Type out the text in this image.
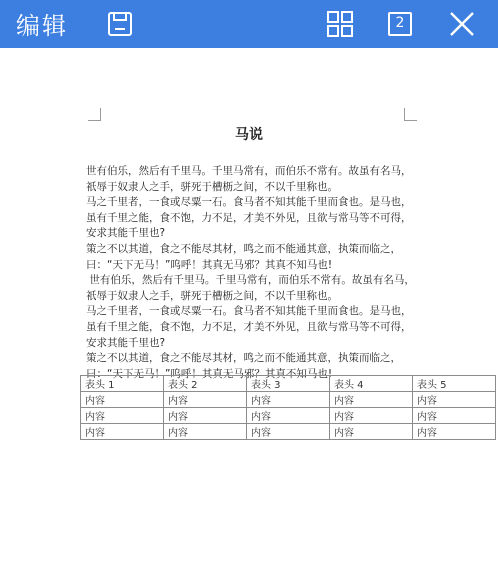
编辑	2
马说

世有伯乐，然后有千里马。千里马常有，而伯乐不常有。故虽有名马，祇辱于奴隶人之手，骈死于槽枥之间，不以千里称也。

马之千里者，一食或尽粟一石。食马者不知其能千里而食也。是马也，虽有千里之能，食不饱，力不足，才美不外见，且欲与常马等不可得，安求其能千里也?

策之不以其道，食之不能尽其材，鸣之而不能通其意，执策而临之，曰：“天下无马！”呜呼！其真无马邪？其真不知马也!

世有伯乐，然后有千里马。千里马常有，而伯乐不常有。故虽有名马，祇辱于奴隶人之手，骈死于槽枥之间，不以千里称也。

马之千里者，一食或尽粟一石。食马者不知其能千里而食也。是马也，虽有千里之能，食不饱，力不足，才美不外见，且欲与常马等不可得，安求其能千里也?

策之不以其道，食之不能尽其材，鸣之而不能通其意，执策而临之，曰：“天下无马！”呜呼！其真无马邪？其真不知马也!

表头 1	表头 2	表头 3	表头 4	表头 5
内容	内容	内容	内容	内容
内容	内容	内容	内容	内容
内容	内容	内容	内容	内容
